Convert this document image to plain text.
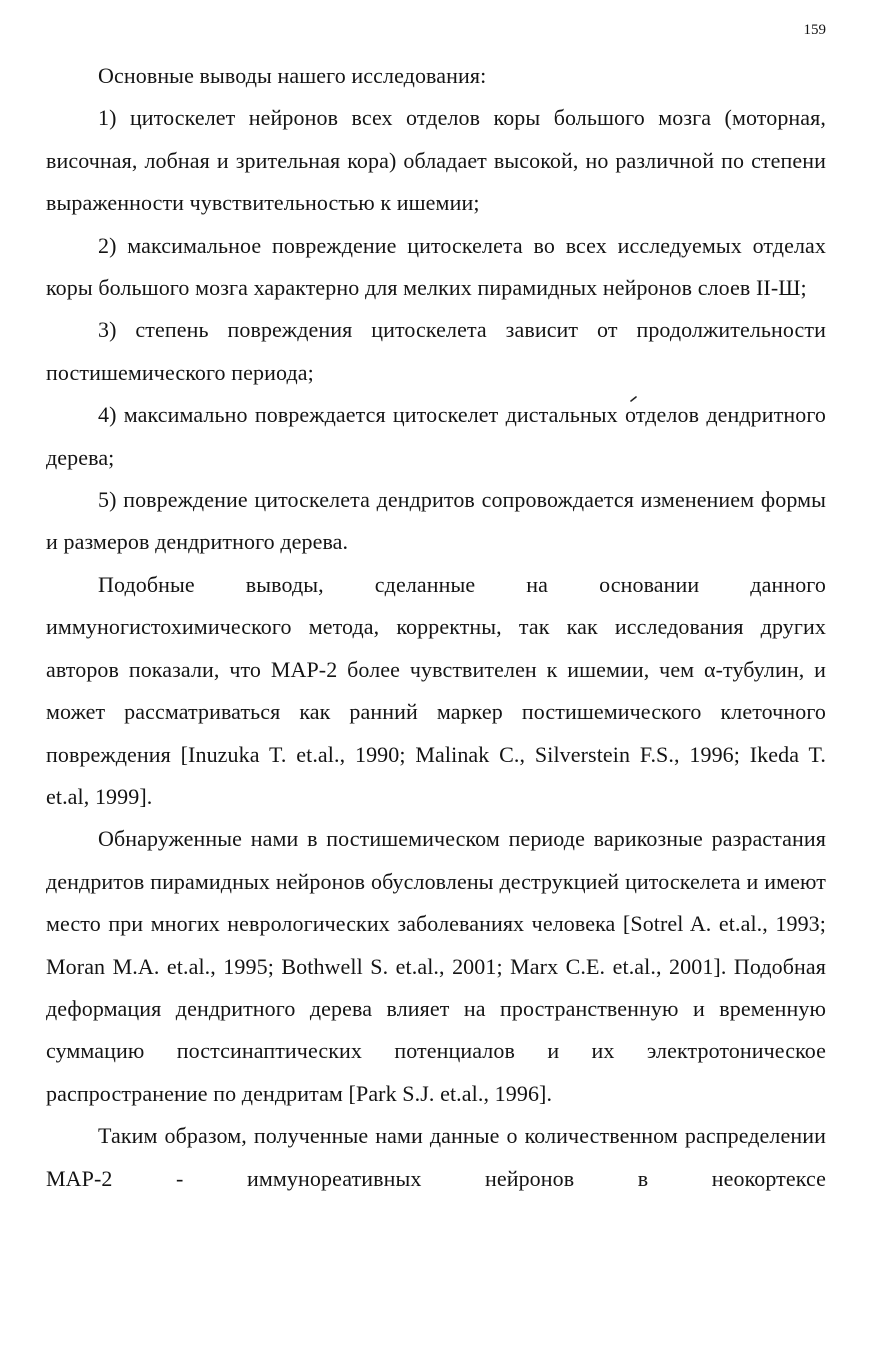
159

Основные выводы нашего исследования:

1) цитоскелет нейронов всех отделов коры большого мозга (моторная, височная, лобная и зрительная кора) обладает высокой, но различной по степени выраженности чувствительностью к ишемии;

2) максимальное повреждение цитоскелета во всех исследуемых отделах коры большого мозга характерно для мелких пирамидных нейронов слоев II-Ш;

3) степень повреждения цитоскелета зависит от продолжительности постишемического периода;

4) максимально повреждается цитоскелет дистальных отделов дендритного дерева;

5) повреждение цитоскелета дендритов сопровождается изменением формы и размеров дендритного дерева.

Подобные выводы, сделанные на основании данного иммуногистохимического метода, корректны, так как исследования других авторов показали, что МАР-2 более чувствителен к ишемии, чем α-тубулин, и может рассматриваться как ранний маркер постишемического клеточного повреждения [Inuzuka T. et.al., 1990; Malinak C., Silverstein F.S., 1996; Ikeda T. et.al, 1999].

Обнаруженные нами в постишемическом периоде варикозные разрастания дендритов пирамидных нейронов обусловлены деструкцией цитоскелета и имеют место при многих неврологических заболеваниях человека [Sotrel A. et.al., 1993; Moran M.A. et.al., 1995; Bothwell S. et.al., 2001; Marx C.E. et.al., 2001]. Подобная деформация дендритного дерева влияет на пространственную и временную суммацию постсинаптических потенциалов и их электротоническое распространение по дендритам [Park S.J. et.al., 1996].

Таким образом, полученные нами данные о количественном распределении МАР-2 - иммунореативных нейронов в неокортексе
